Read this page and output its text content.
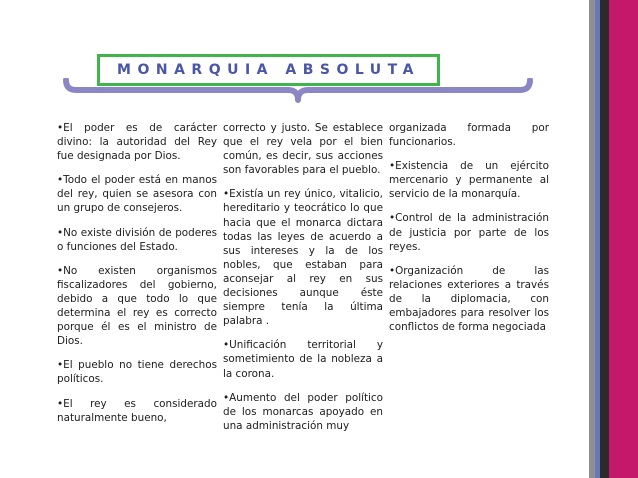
MONARQUIA ABSOLUTA

•El poder es de carácter divino: la autoridad del Rey fue designada por Dios.

•Todo el poder está en manos del rey, quien se asesora con un grupo de consejeros.

•No existe división de poderes o funciones del Estado.

•No existen organismos fiscalizadores del gobierno, debido a que todo lo que determina el rey es correcto porque él es el ministro de Dios.

•El pueblo no tiene derechos políticos.

•El rey es considerado naturalmente bueno,

correcto y justo. Se establece que el rey vela por el bien común, es decir, sus acciones son favorables para el pueblo.

•Existía un rey único, vitalicio, hereditario y teocrático lo que hacia que el monarca dictara todas las leyes de acuerdo a sus intereses y la de los nobles, que estaban para aconsejar al rey en sus decisiones aunque éste siempre tenía la última palabra .

•Unificación territorial y sometimiento de la nobleza a la corona.

•Aumento del poder político de los monarcas apoyado en una administración muy

organizada formada por funcionarios.

•Existencia de un ejército mercenario y permanente al servicio de la monarquía.

•Control de la administración de justicia por parte de los reyes.

•Organización de las relaciones exteriores a través de la diplomacia, con embajadores para resolver los conflictos de forma negociada
